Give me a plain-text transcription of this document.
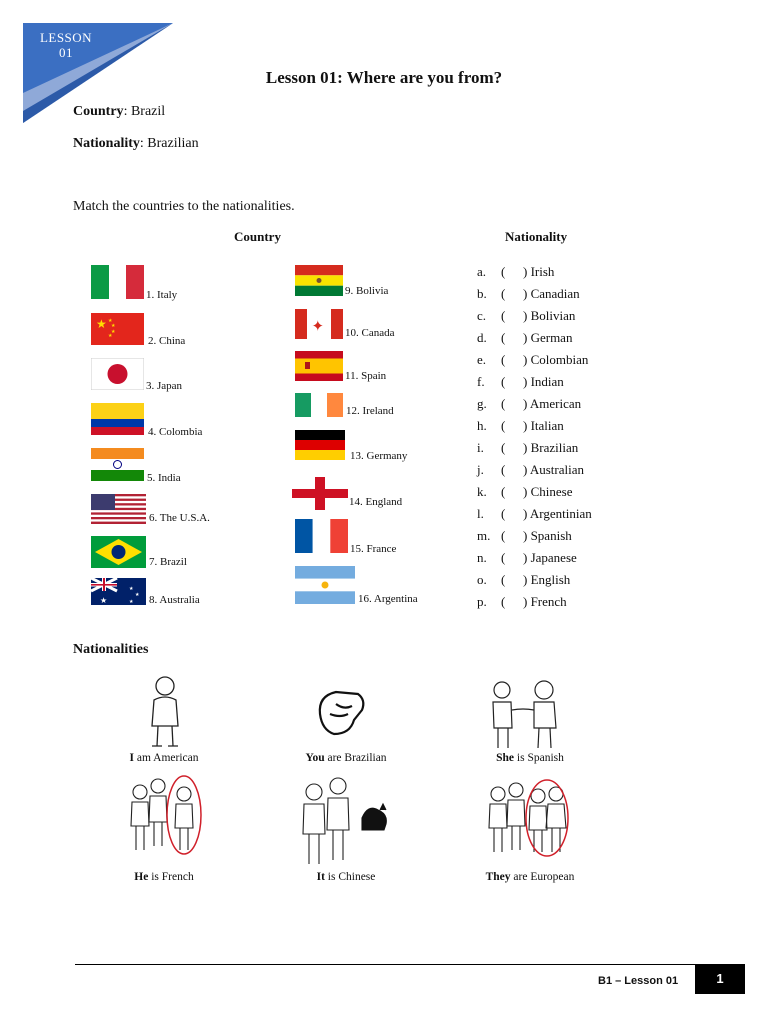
LESSON
01
Lesson 01: Where are you from?
Country: Brazil
Nationality: Brazilian
Match the countries to the nationalities.
Country	Nationality
★ ★
★
★
★
★
★
★
★
✦
1. Italy
2. China
3. Japan
4. Colombia
5. India
6. The U.S.A.
7. Brazil
8. Australia
9. Bolivia
10. Canada
11. Spain
12. Ireland
13. Germany
14. England
15. France
16. Argentina
a. ( ) Irish
b. ( ) Canadian
c. ( ) Bolivian
d. ( ) German
e. ( ) Colombian
f. ( ) Indian
g. ( ) American
h. ( ) Italian
i. ( ) Brazilian
j. ( ) Australian
k. ( ) Chinese
l. ( ) Argentinian
m. ( ) Spanish
n. ( ) Japanese
o. ( ) English
p. ( ) French
Nationalities
I am American	You are Brazilian	She is Spanish
He is French	It is Chinese	They are European
B1 – Lesson 01	1
